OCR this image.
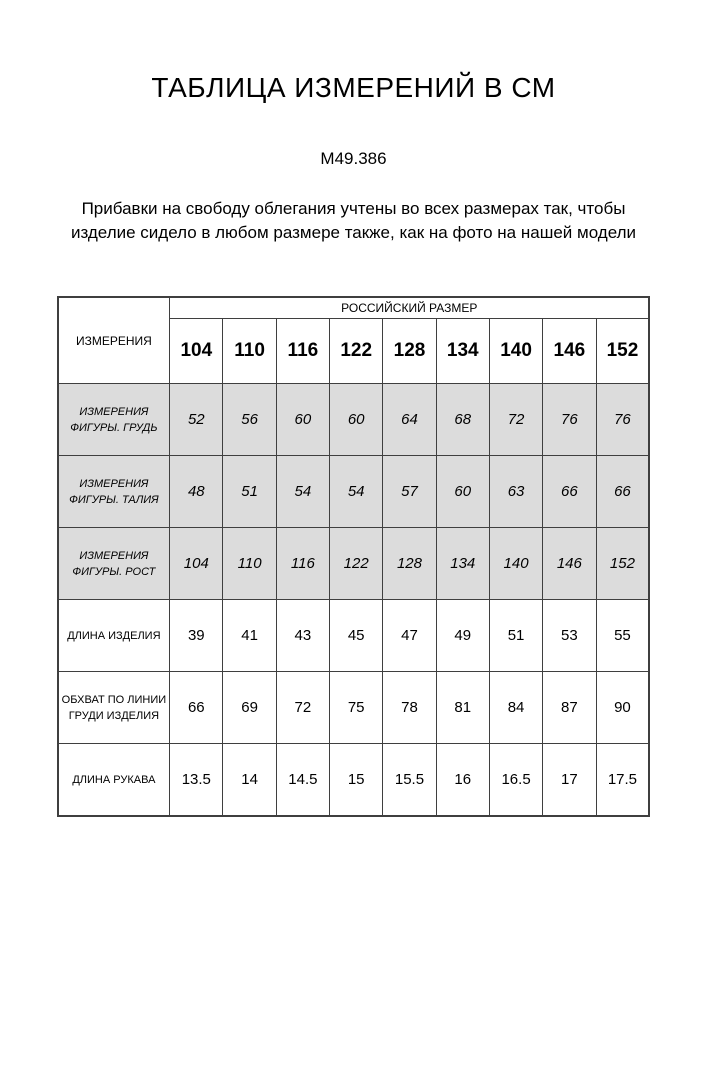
ТАБЛИЦА ИЗМЕРЕНИЙ В СМ

М49.386

Прибавки на свободу облегания учтены во всех размерах так, чтобы изделие сидело в любом размере также, как на фото на нашей модели

ИЗМЕРЕНИЯ	РОССИЙСКИЙ РАЗМЕР								
	104	110	116	122	128	134	140	146	152
ИЗМЕРЕНИЯ ФИГУРЫ. ГРУДЬ	52	56	60	60	64	68	72	76	76
ИЗМЕРЕНИЯ ФИГУРЫ. ТАЛИЯ	48	51	54	54	57	60	63	66	66
ИЗМЕРЕНИЯ ФИГУРЫ. РОСТ	104	110	116	122	128	134	140	146	152
ДЛИНА ИЗДЕЛИЯ	39	41	43	45	47	49	51	53	55
ОБХВАТ ПО ЛИНИИ ГРУДИ ИЗДЕЛИЯ	66	69	72	75	78	81	84	87	90
ДЛИНА РУКАВА	13.5	14	14.5	15	15.5	16	16.5	17	17.5
